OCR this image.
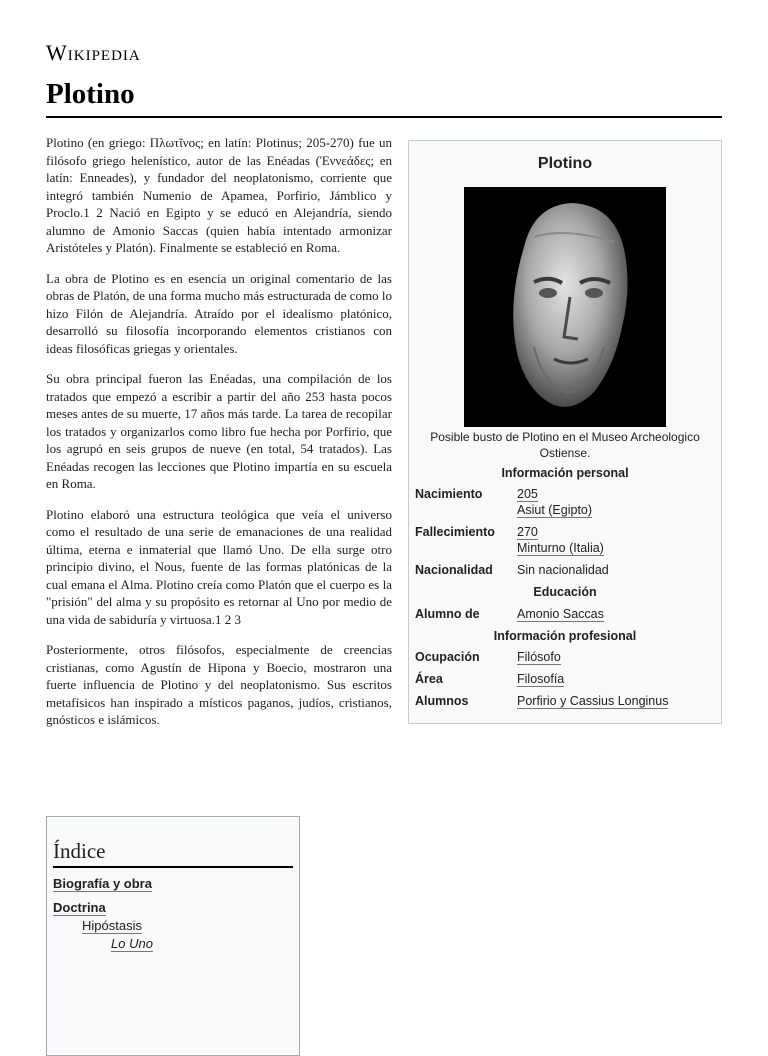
Wikipedia
Plotino
Plotino
Posible busto de Plotino en el Museo Archeologico Ostiense.
Información personal
Nacimiento	205
Asiut (Egipto)
Fallecimiento	270
Minturno (Italia)
Nacionalidad	Sin nacionalidad
Educación
Alumno de	Amonio Saccas
Información profesional
Ocupación	Filósofo
Área	Filosofía
Alumnos	Porfirio y Cassius Longinus

Plotino (en griego: Πλωτῖνος; en latín: Plotinus; 205-270) fue un filósofo griego helenístico, autor de las Enéadas (Ἐννεάδες; en latín: Enneades), y fundador del neoplatonismo, corriente que integró también Numenio de Apamea, Porfirio, Jámblico y Proclo.1 2 Nació en Egipto y se educó en Alejandría, siendo alumno de Amonio Saccas (quien había intentado armonizar Aristóteles y Platón). Finalmente se estableció en Roma.

La obra de Plotino es en esencia un original comentario de las obras de Platón, de una forma mucho más estructurada de como lo hizo Filón de Alejandría. Atraído por el idealismo platónico, desarrolló su filosofía incorporando elementos cristianos con ideas filosóficas griegas y orientales.

Su obra principal fueron las Enéadas, una compilación de los tratados que empezó a escribir a partir del año 253 hasta pocos meses antes de su muerte, 17 años más tarde. La tarea de recopilar los tratados y organizarlos como libro fue hecha por Porfirio, que los agrupó en seis grupos de nueve (en total, 54 tratados). Las Enéadas recogen las lecciones que Plotino impartía en su escuela en Roma.

Plotino elaboró una estructura teológica que veía el universo como el resultado de una serie de emanaciones de una realidad última, eterna e inmaterial que llamó Uno. De ella surge otro principio divino, el Nous, fuente de las formas platónicas de la cual emana el Alma. Plotino creía como Platón que el cuerpo es la "prisión" del alma y su propósito es retornar al Uno por medio de una vida de sabiduría y virtuosa.1 2 3

Posteriormente, otros filósofos, especialmente de creencias cristianas, como Agustín de Hipona y Boecio, mostraron una fuerte influencia de Plotino y del neoplatonismo. Sus escritos metafísicos han inspirado a místicos paganos, judíos, cristianos, gnósticos e islámicos.

Índice
Biografía y obra
Doctrina
Hipóstasis
Lo Uno
